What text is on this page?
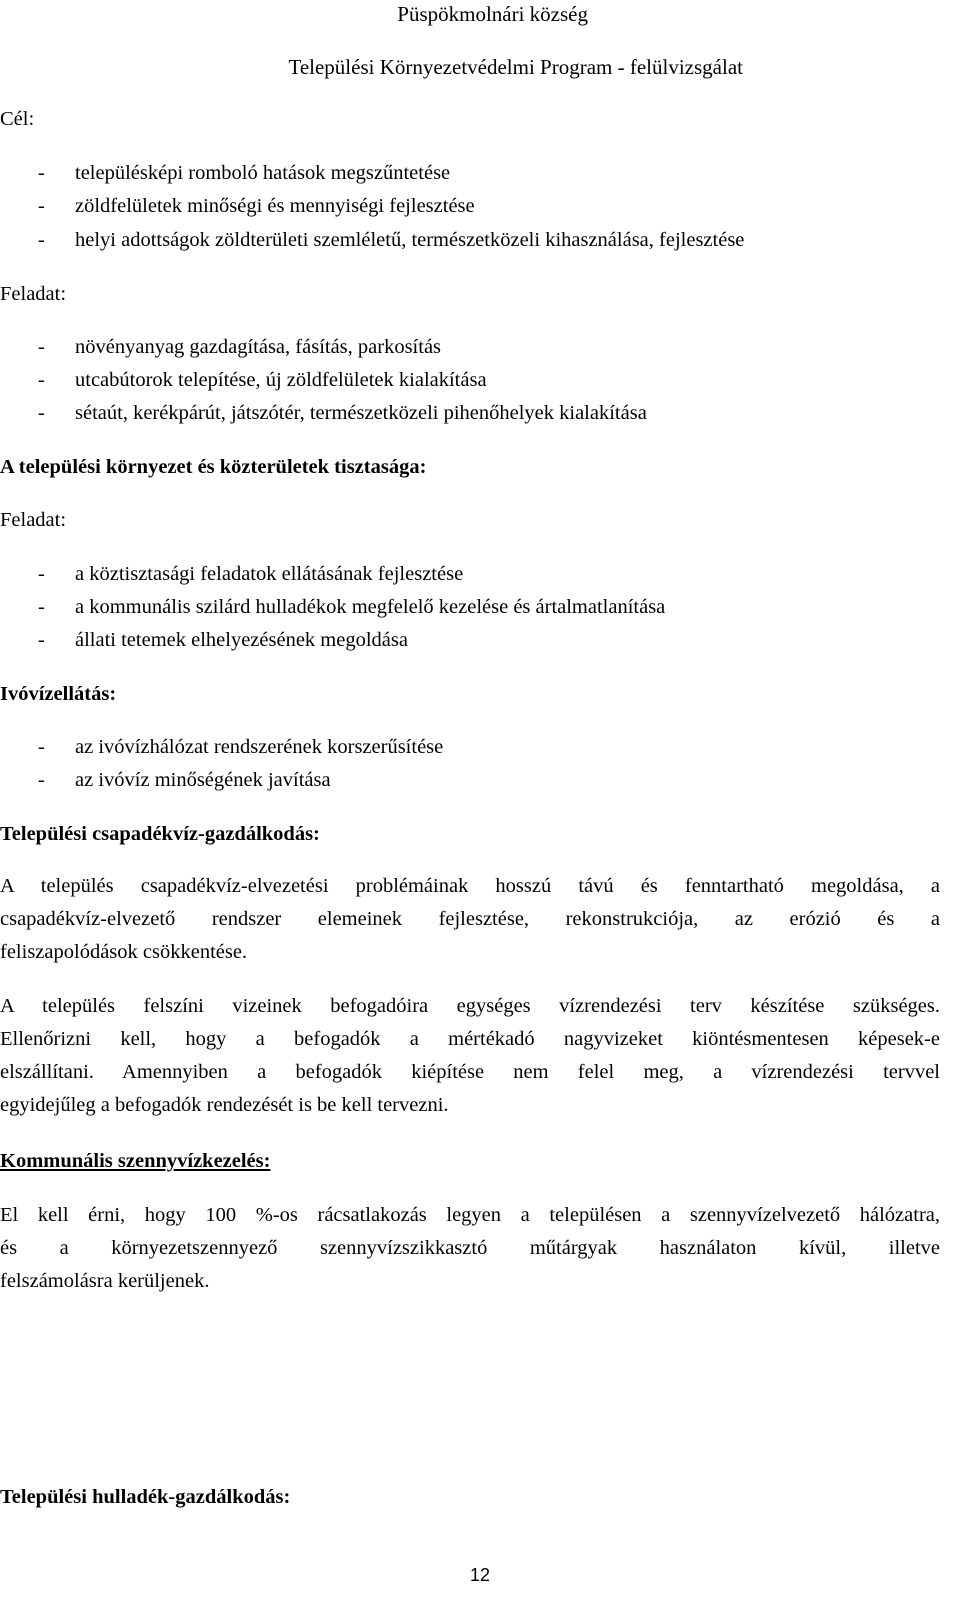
Püspökmolnári község
Települési Környezetvédelmi Program - felülvizsgálat
Cél:
- településképi romboló hatások megszűntetése
- zöldfelületek minőségi és mennyiségi fejlesztése
- helyi adottságok zöldterületi szemléletű, természetközeli kihasználása, fejlesztése
Feladat:
- növényanyag gazdagítása, fásítás, parkosítás
- utcabútorok telepítése, új zöldfelületek kialakítása
- sétaút, kerékpárút, játszótér, természetközeli pihenőhelyek kialakítása
A települési környezet és közterületek tisztasága:
Feladat:
- a köztisztasági feladatok ellátásának fejlesztése
- a kommunális szilárd hulladékok megfelelő kezelése és ártalmatlanítása
- állati tetemek elhelyezésének megoldása
Ivóvízellátás:
- az ivóvízhálózat rendszerének korszerűsítése
- az ivóvíz minőségének javítása
Települési csapadékvíz-gazdálkodás:
A település csapadékvíz-elvezetési problémáinak hosszú távú és fenntartható megoldása, a
csapadékvíz-elvezető rendszer elemeinek fejlesztése, rekonstrukciója, az erózió és a
feliszapolódások csökkentése.
A település felszíni vizeinek befogadóira egységes vízrendezési terv készítése szükséges.
Ellenőrizni kell, hogy a befogadók a mértékadó nagyvizeket kiöntésmentesen képesek-e
elszállítani. Amennyiben a befogadók kiépítése nem felel meg, a vízrendezési tervvel
egyidejűleg a befogadók rendezését is be kell tervezni.
Kommunális szennyvízkezelés:
El kell érni, hogy 100 %-os rácsatlakozás legyen a településen a szennyvízelvezető hálózatra,
és a környezetszennyező szennyvízszikkasztó műtárgyak használaton kívül, illetve
felszámolásra kerüljenek.
Települési hulladék-gazdálkodás:
12
